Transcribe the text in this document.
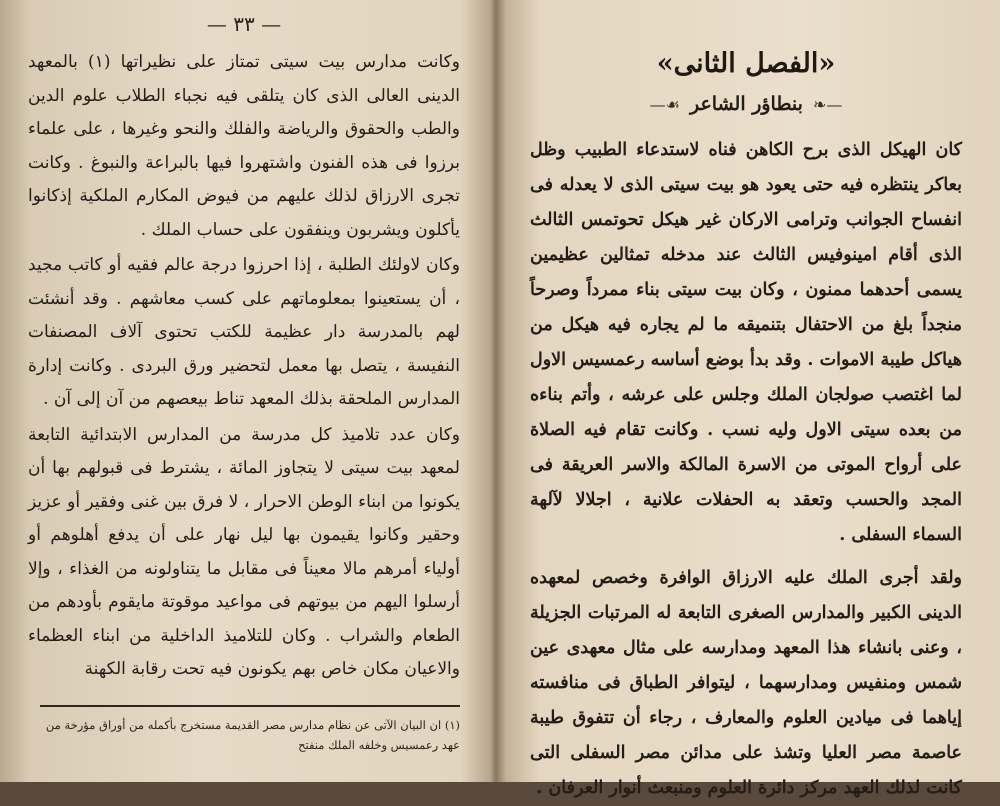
— ٣٣ —

وكانت مدارس بيت سيتى تمتاز على نظيراتها (١) بالمعهد الدينى العالى الذى كان يتلقى فيه نجباء الطلاب علوم الدين والطب والحقوق والرياضة والفلك والنحو وغيرها ، على علماء برزوا فى هذه الفنون واشتهروا فيها بالبراعة والنبوغ . وكانت تجرى الارزاق لذلك عليهم من فيوض المكارم الملكية إذكانوا يأكلون ويشربون وينفقون على حساب الملك .

وكان لاولئك الطلبة ، إذا احرزوا درجة عالم فقيه أو كاتب مجيد ، أن يستعينوا بمعلوماتهم على كسب معاشهم . وقد أنشئت لهم بالمدرسة دار عظيمة للكتب تحتوى آلاف المصنفات النفيسة ، يتصل بها معمل لتحضير ورق البردى . وكانت إدارة المدارس الملحقة بذلك المعهد تناط بيعصهم من آن إلى آن .

وكان عدد تلاميذ كل مدرسة من المدارس الابتدائية التابعة لمعهد بيت سيتى لا يتجاوز المائة ، يشترط فى قبولهم بها أن يكونوا من ابناء الوطن الاحرار ، لا فرق بين غنى وفقير أو عزيز وحقير وكانوا يقيمون بها ليل نهار على أن يدفع أهلوهم أو أولياء أمرهم مالا معيناً فى مقابل ما يتناولونه من الغذاء ، وإلا أرسلوا اليهم من بيوتهم فى مواعيد موقوتة مايقوم بأودهم من الطعام والشراب . وكان للتلاميذ الداخلية من ابناء العظماء والاعيان مكان خاص بهم يكونون فيه تحت رقابة الكهنة

(١) ان البيان الآتى عن نظام مدارس مصر القديمة مستخرج بأكمله من أوراق مؤرخة من عهد رعمسيس وخلفه الملك منفتح

«الفصل الثانى»
❧—
بنطاؤر الشاعر
—☙

كان الهيكل الذى برح الكاهن فناه لاستدعاء الطبيب وظل بعاكر ينتظره فيه حتى يعود هو بيت سيتى الذى لا يعدله فى انفساح الجوانب وترامى الاركان غير هيكل تحوتمس الثالث الذى أقام امينوفيس الثالث عند مدخله تمثالين عظيمين يسمى أحدهما ممنون ، وكان بيت سيتى بناء ممرداً وصرحاً منجداً بلغ من الاحتفال بتنميقه ما لم يجاره فيه هيكل من هياكل طيبة الاموات . وقد بدأ بوضع أساسه رعمسيس الاول لما اغتصب صولجان الملك وجلس على عرشه ، وأتم بناءه من بعده سيتى الاول وليه نسب . وكانت تقام فيه الصلاة على أرواح الموتى من الاسرة المالكة والاسر العريقة فى المجد والحسب وتعقد به الحفلات علانية ، اجلالا لآلهة السماء السفلى .

ولقد أجرى الملك عليه الارزاق الوافرة وخصص لمعهده الدينى الكبير والمدارس الصغرى التابعة له المرتبات الجزيلة ، وعنى بانشاء هذا المعهد ومدارسه على مثال معهدى عين شمس ومنفيس ومدارسهما ، ليتوافر الطباق فى منافسته إياهما فى ميادين العلوم والمعارف ، رجاء أن تتفوق طيبة عاصمة مصر العليا وتشذ على مدائن مصر السفلى التى كانت لذلك العهد مركز دائرة العلوم ومنبعث أنوار العرفان .
